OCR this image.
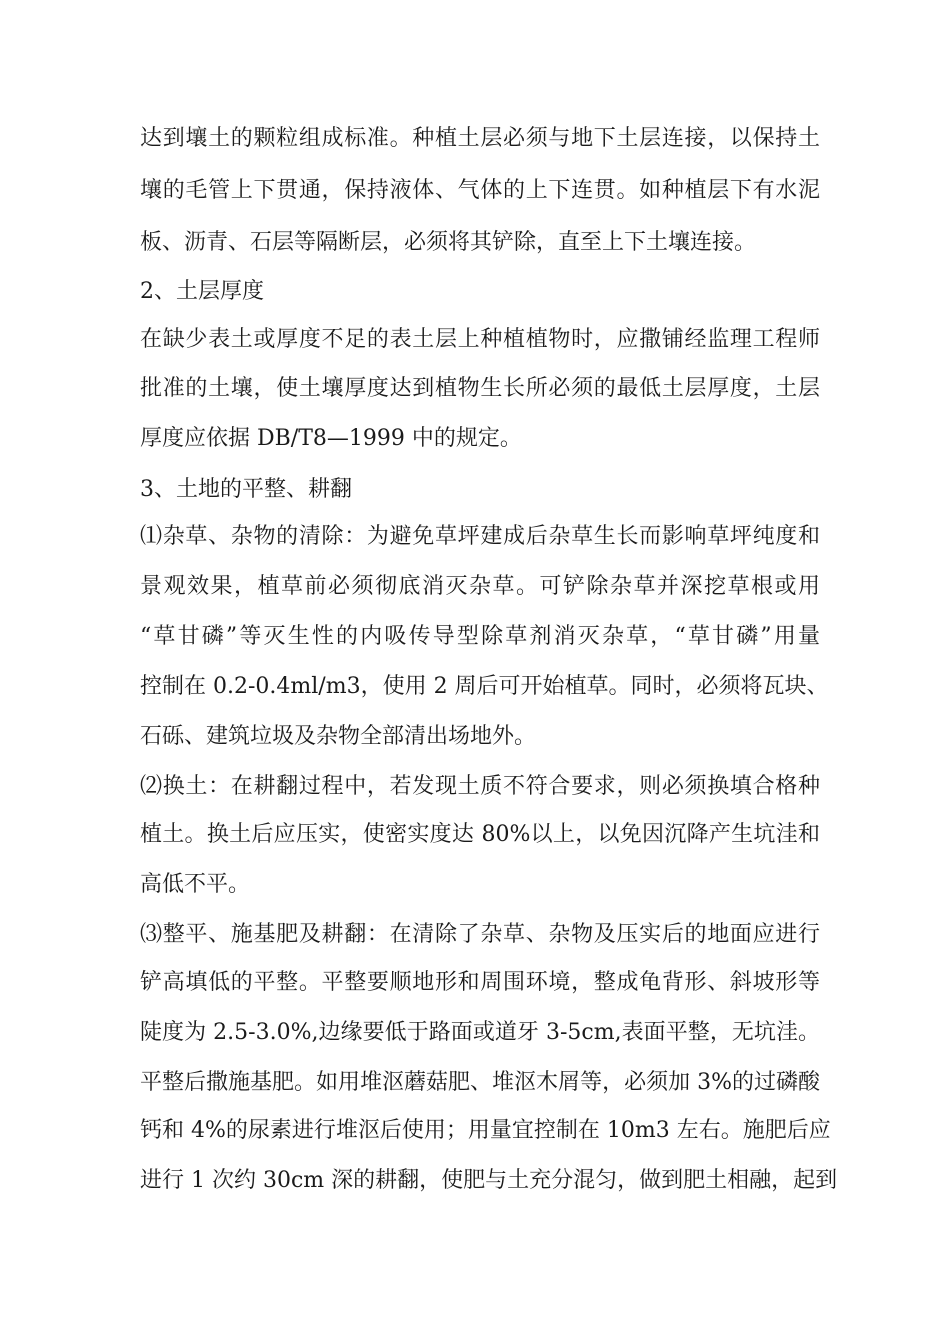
达到壤土的颗粒组成标准。种植土层必须与地下土层连接，以保持土

壤的毛管上下贯通，保持液体、气体的上下连贯。如种植层下有水泥

板、沥青、石层等隔断层，必须将其铲除，直至上下土壤连接。

2、土层厚度

在缺少表土或厚度不足的表土层上种植植物时，应撒铺经监理工程师

批准的土壤，使土壤厚度达到植物生长所必须的最低土层厚度，土层

厚度应依据 DB/T8—1999 中的规定。

3、土地的平整、耕翻

⑴杂草、杂物的清除：为避免草坪建成后杂草生长而影响草坪纯度和

景观效果，植草前必须彻底消灭杂草。可铲除杂草并深挖草根或用

“草甘磷”等灭生性的内吸传导型除草剂消灭杂草，“草甘磷”用量

控制在 0.2-0.4ml/m3，使用 2 周后可开始植草。同时，必须将瓦块、

石砾、建筑垃圾及杂物全部清出场地外。

⑵换土：在耕翻过程中，若发现土质不符合要求，则必须换填合格种

植土。换土后应压实，使密实度达 80%以上，以免因沉降产生坑洼和

高低不平。

⑶整平、施基肥及耕翻：在清除了杂草、杂物及压实后的地面应进行

铲高填低的平整。平整要顺地形和周围环境，整成龟背形、斜坡形等

陡度为 2.5-3.0%,边缘要低于路面或道牙 3-5cm,表面平整，无坑洼。

平整后撒施基肥。如用堆沤蘑菇肥、堆沤木屑等，必须加 3%的过磷酸

钙和 4%的尿素进行堆沤后使用；用量宜控制在 10m3 左右。施肥后应

进行 1 次约 30cm 深的耕翻，使肥与土充分混匀，做到肥土相融，起到
